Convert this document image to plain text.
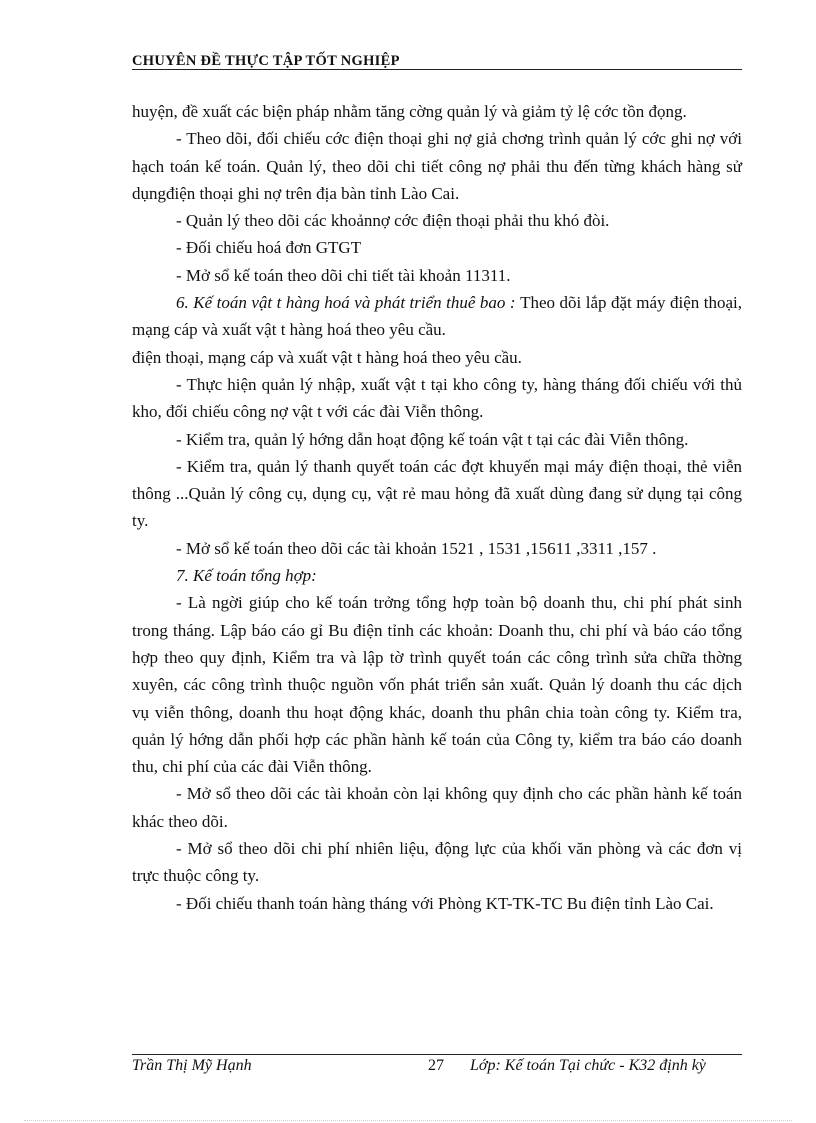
CHUYÊN ĐỀ THỰC TẬP TỐT NGHIỆP

huyện, đề xuất các biện pháp nhằm tăng cờng quản lý và giảm tỷ lệ cớc tồn đọng.

- Theo dõi, đối chiếu cớc điện thoại ghi nợ giả chơng trình quản lý cớc ghi nợ với hạch toán kế toán. Quản lý, theo dõi chi tiết công nợ phải thu đến từng khách hàng sử dụngđiện thoại ghi nợ trên địa bàn tỉnh Lào Cai.

- Quản lý theo dõi các khoảnnợ cớc điện thoại phải thu khó đòi.

- Đối chiếu hoá đơn GTGT

- Mở sổ kế toán theo dõi chi tiết tài khoản 11311.

6. Kế toán vật t hàng hoá và phát triển thuê bao : Theo dõi lắp đặt máy điện thoại, mạng cáp và xuất vật t hàng hoá theo yêu cầu.

điện thoại, mạng cáp và xuất vật t hàng hoá theo yêu cầu.

- Thực hiện quản lý nhập, xuất vật t tại kho công ty, hàng tháng đối chiếu với thủ kho, đối chiếu công nợ vật t với các đài Viễn thông.

- Kiểm tra, quản lý hớng dẫn hoạt động kế toán vật t tại các đài Viễn thông.

- Kiểm tra, quản lý thanh quyết toán các đợt khuyến mại máy điện thoại, thẻ viễn thông ...Quản lý công cụ, dụng cụ, vật rẻ mau hỏng đã xuất dùng đang sử dụng tại công ty.

- Mở sổ kế toán theo dõi các tài khoản 1521 , 1531 ,15611 ,3311 ,157 .

7. Kế toán tổng hợp:

- Là ngời giúp cho kế toán trởng tổng hợp toàn bộ doanh thu, chi phí phát sinh trong tháng. Lập báo cáo gỉ Bu điện tỉnh các khoản: Doanh thu, chi phí và báo cáo tổng hợp theo quy định, Kiểm tra và lập tờ trình quyết toán các công trình sửa chữa thờng xuyên, các công trình thuộc nguồn vốn phát triển sản xuất. Quản lý doanh thu các dịch vụ viễn thông, doanh thu hoạt động khác, doanh thu phân chia toàn công ty. Kiểm tra, quản lý hớng dẫn phối hợp các phần hành kế toán của Công ty, kiểm tra báo cáo doanh thu, chi phí của các đài Viễn thông.

- Mở sổ theo dõi các tài khoản còn lại không quy định cho các phần hành kế toán khác theo dõi.

- Mở sổ theo dõi chi phí nhiên liệu, động lực của khối văn phòng và các đơn vị trực thuộc công ty.

- Đối chiếu thanh toán hàng tháng với Phòng KT-TK-TC Bu điện tỉnh Lào Cai.

Trần Thị Mỹ Hạnh	27 Lớp: Kế toán Tại chức - K32 định kỳ
